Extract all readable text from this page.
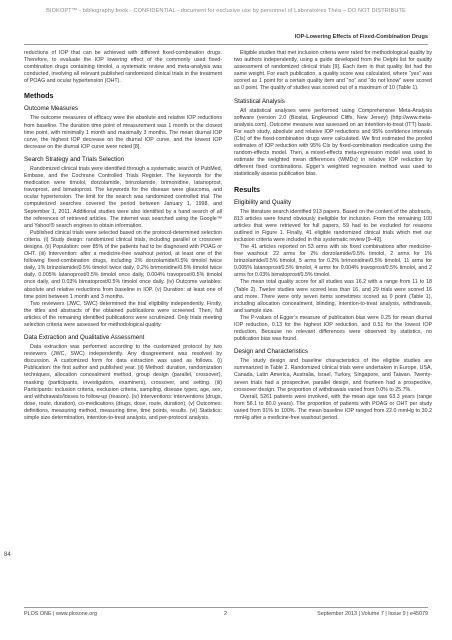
BIOKOPT™ - bibliography book - CONFIDENTIAL - document for exclusive use by personnel of Laboratoires Théa – DO NOT DISTRIBUTE
IOP-Lowering Effects of Fixed-Combination Drugs

reductions of IOP that can be achieved with different fixed-combination drugs. Therefore, to evaluate the IOP lowering effect of the commonly used fixed-combination drugs containing timolol, a systematic review and meta-analysis was conducted, involving all relevant published randomized clinical trials in the treatment of POAG and ocular hypertension (OHT).

Methods
Outcome Measures

The outcome measures of efficacy were the absolute and relative IOP reductions from baseline. The duration time point of measurement was 1 month or the closest time point, with minimally 1 month and maximally 3 months. The mean diurnal IOP curve, the highest IOP decrease on the diurnal IOP curve, and the lowest IOP decrease on the diurnal IOP curve were noted [8].

Search Strategy and Trials Selection

Randomized clinical trials were identified through a systematic search of PubMed, Embase, and the Cochrane Controlled Trials Register. The keywords for the medication were timolol, dorzolamide, brinzolamide, brimonidine, latanoprost, travoprost, and bimatoprost. The keywords for the disease were glaucoma, and ocular hypertension. The limit for the search was randomized controlled trial. The computerized searches covered the period between January 1, 1998, and September 1, 2011. Additional studies were also identified by a hand search of all the references of retrieved articles. The internet was searched using the Google™ and Yahoo!® search engines to obtain information.

Published clinical trials were selected based on the protocol-determined selection criteria. (i) Study design: randomized clinical trials, including parallel or crossover designs. (ii) Population: over 85% of the patients had to be diagnosed with POAG or OHT. (iii) Intervention: after a medicine-free washout period, at least one of the following fixed-combination drugs, including 2% dorzolamide/0.5% timolol twice daily, 1% brinzolamide/0.5% timolol twice daily, 0.2% brimonidine/0.5% timolol twice daily, 0.005% latanoprost/0.5% timolol once daily, 0.004% travoprost/0.5% timolol once daily, and 0.03% bimatoprost/0.5% timolol once daily. (iv) Outcome variables: absolute and relative reductions from baseline in IOP. (v) Duration: at least one of time point between 1 month and 3 months.

Two reviewers (JWC, SWC) determined the trial eligibility independently. Firstly, the titles and abstracts of the obtained publications were screened. Then, full articles of the remaining identified publications were scrutinized. Only trials meeting selection criteria were assessed for methodological quality.

Data Extraction and Qualitative Assessment

Data extraction was performed according to the customized protocol by two reviewers (JWC, SWC) independently. Any disagreement was resolved by discussion. A customized form for data extraction was used as follows. (i) Publication: the first author and published year. (ii) Method: duration, randomization techniques, allocation concealment method, group design (parallel, crossover), masking (participants, investigators, examiners), crossover, and setting. (iii) Participants: inclusion criteria, exclusion criteria, sampling, disease types, age, sex, and withdrawals/losses to follow-up (reason). (iv) Interventions: interventions (drugs, dose, route, duration), co-medications (drugs, dose, route, duration), (v) Outcomes: definitions, measuring method, measuring time, time points, results. (vi) Statistics: simple size determination, intention-to-treat analysis, and per-protocol analysis.

Eligible studies that met inclusion criteria were rated for methodological quality by two authors independently, using a guide developed from the Delphi list for quality assessment of randomized clinical trials [9]. Each item in that quality list had the same weight. For each publication, a quality score was calculated, where “yes” was scored as 1 point for a certain quality item and “no” and “do not know” were scored as 0 point. The quality of studies was scored out of a maximum of 10 (Table 1).

Statistical Analysis

All statistical analyses were performed using Comprehensive Meta-Analysis software (version 2.0 (Biostat, Englewood Cliffs, New Jersey) (http://www.meta-analysis.com). Outcome measure was assessed on an intention-to-treat (ITT) basis. For each study, absolute and relative IOP reductions and 95% confidence intervals (CIs) of the fixed-combination drugs were calculated. We first estimated the pooled estimates of IOP reduction with 95% CIs by fixed-combination medication using the random-effects model. Then, a mixed-effects meta-regression model was used to estimate the weighted mean differences (WMDs) in relative IOP reduction by different fixed combinations. Egger’s weighted regression method was used to statistically assess publication bias.

Results
Eligibility and Quality

The literature search identified 913 papers. Based on the content of the abstracts, 813 articles were found obviously ineligible for inclusion. From the remaining 100 articles that were retrieved for full papers, 59 had to be excluded for reasons outlined in Figure 1. Finally, 41 eligible randomized clinical trials which met our inclusion criteria were included in this systematic review [9–49].

The 41 articles reported on 53 arms with six fixed combinations after medicine-free washout: 22 arms for 2% dorzolamide/0.5% timolol, 2 arms for 1% brinzolamide/0.5% timolol, 5 arms for 0.2% brimonidine/0.5% timolol, 11 arms for 0.005% latanoprost/0.5% timolol, 4 arms for 0.004% travoprost/0.5% timolol, and 2 arms for 0.03% bimatoprost/0.5% timolol.

The mean total quality score for all studies was 16.2 with a range from 11 to 18 (Table 2). Twelve studies were scored less than 16, and 29 trials were scored 16 and more. There were only seven items sometimes scored as 0 point (Table 1), including allocation concealment, blinding, intention-to-treat analysis, withdrawals, and sample size.

The P-values of Egger’s measure of publication bias were 0.25 for mean diurnal IOP reduction, 0.13 for the highest IOP reduction, and 0.51 for the lowest IOP reduction. Because no relevant differences were observed by statistics, no publication bias was found.

Design and Characteristics

The study design and baseline characteristics of the eligible studies are summarized in Table 2. Randomized clinical trials were undertaken in Europe, USA, Canada, Latin America, Australia, Israel, Turkey, Singapore, and Taiwan. Twenty-seven trials had a prospective, parallel design, and fourteen had a prospective, crossover design. The proportion of withdrawals varied from 0.0% to 25.7%.

Overall, 5261 patients were involved, with the mean age was 63.3 years (range from 56.1 to 80.0 years). The proportion of patients with POAG or OHT per study varied from 91% to 100%. The mean baseline IOP ranged from 22.0 mmHg to 30.2 mmHg after a medicine-free washout period.

PLOS ONE | www.plosone.org	2	September 2013 | Volume 7 | Issue 9 | e45079
84
